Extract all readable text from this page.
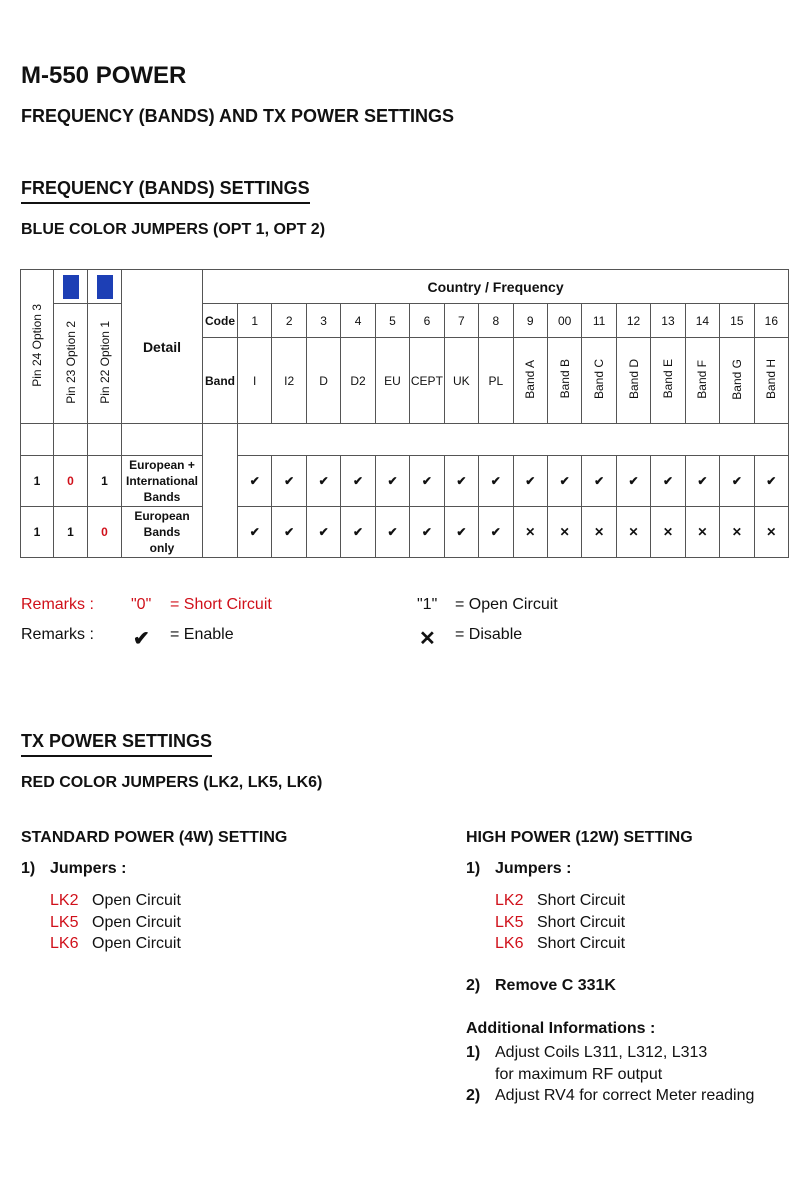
M-550 POWER
FREQUENCY (BANDS) AND TX POWER SETTINGS
FREQUENCY (BANDS) SETTINGS
BLUE COLOR JUMPERS (OPT 1, OPT 2)
Pin 24 Option 3			Detail	Country / Frequency																
	Pin 23 Option 2	Pin 22 Option 1		Code	1	2	3	4	5	6	7	8	9	00	11	12	13	14	15	16
				Band	I	I2	D	D2	EU	CEPT	UK	PL	Band A	Band B	Band C	Band D	Band E	Band F	Band G	Band H

1	0	1	European +
International
Bands		✔	✔	✔	✔	✔	✔	✔	✔	✔	✔	✔	✔	✔	✔	✔	✔
1	1	0	European
Bands
only		✔	✔	✔	✔	✔	✔	✔	✔	✕	✕	✕	✕	✕	✕	✕	✕
Remarks : "0" = Short Circuit	"1" = Open Circuit
Remarks : ✔ = Enable	✕ = Disable
TX POWER SETTINGS
RED COLOR JUMPERS (LK2, LK5, LK6)
STANDARD POWER (4W) SETTING
1) Jumpers :
LK2 Open Circuit
LK5 Open Circuit
LK6 Open Circuit
HIGH POWER (12W) SETTING
1) Jumpers :
LK2 Short Circuit
LK5 Short Circuit
LK6 Short Circuit
2) Remove C 331K
Additional Informations :
1) Adjust Coils L311, L312, L313
for maximum RF output
2) Adjust RV4 for correct Meter reading
